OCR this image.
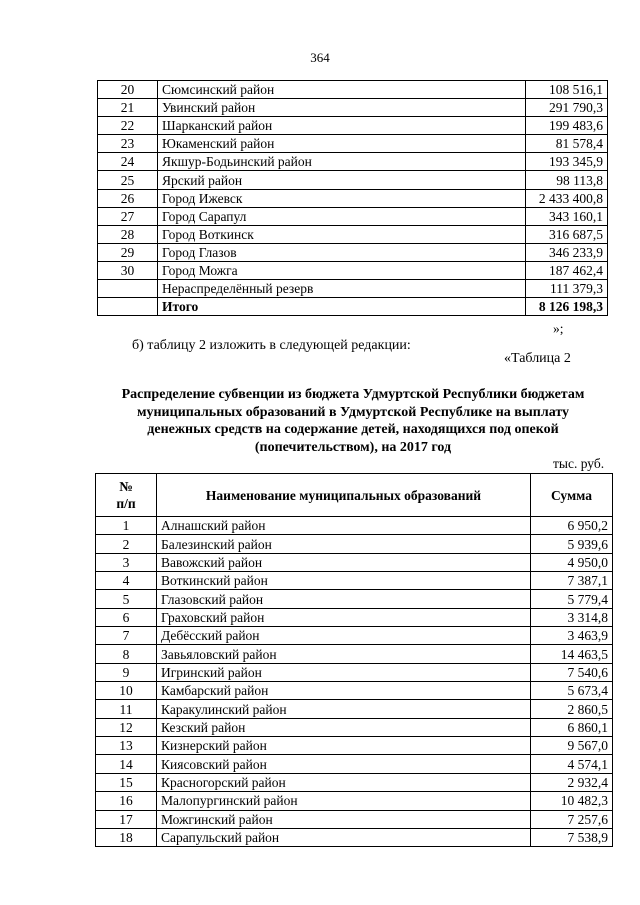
364
20	Сюмсинский район	108 516,1
21	Увинский район	291 790,3
22	Шарканский район	199 483,6
23	Юкаменский район	81 578,4
24	Якшур-Бодьинский район	193 345,9
25	Ярский район	98 113,8
26	Город Ижевск	2 433 400,8
27	Город Сарапул	343 160,1
28	Город Воткинск	316 687,5
29	Город Глазов	346 233,9
30	Город Можга	187 462,4
	Нераспределённый резерв	111 379,3
	Итого	8 126 198,3
»;
б) таблицу 2 изложить в следующей редакции:
«Таблица 2
Распределение субвенции из бюджета Удмуртской Республики бюджетам
муниципальных образований в Удмуртской Республике на выплату
денежных средств на содержание детей, находящихся под опекой
(попечительством), на 2017 год
тыс. руб.
№
п/п	Наименование муниципальных образований	Сумма
1	Алнашский район	6 950,2
2	Балезинский район	5 939,6
3	Вавожский район	4 950,0
4	Воткинский район	7 387,1
5	Глазовский район	5 779,4
6	Граховский район	3 314,8
7	Дебёсский район	3 463,9
8	Завьяловский район	14 463,5
9	Игринский район	7 540,6
10	Камбарский район	5 673,4
11	Каракулинский район	2 860,5
12	Кезский район	6 860,1
13	Кизнерский район	9 567,0
14	Киясовский район	4 574,1
15	Красногорский район	2 932,4
16	Малопургинский район	10 482,3
17	Можгинский район	7 257,6
18	Сарапульский район	7 538,9
